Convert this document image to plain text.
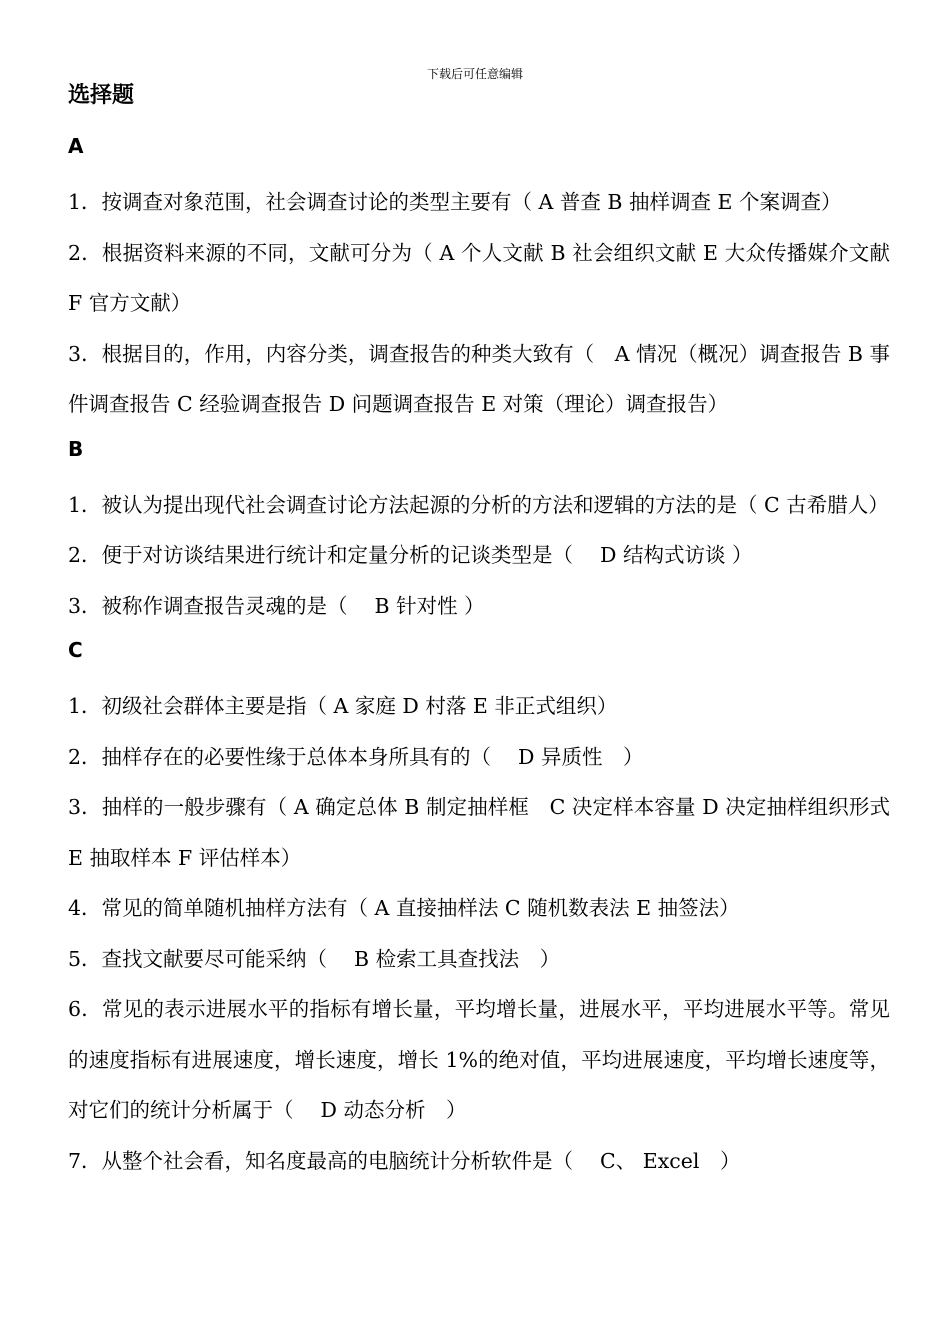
下载后可任意编辑
选择题
A
1．按调查对象范围，社会调查讨论的类型主要有（ A 普查 B 抽样调查 E 个案调查）
2．根据资料来源的不同，文献可分为（ A 个人文献 B 社会组织文献 E 大众传播媒介文献 F 官方文献）
3．根据目的，作用，内容分类，调查报告的种类大致有（　A 情况（概况）调查报告 B 事件调查报告 C 经验调查报告 D 问题调查报告 E 对策（理论）调查报告）
B
1．被认为提出现代社会调查讨论方法起源的分析的方法和逻辑的方法的是（ C 古希腊人）
2．便于对访谈结果进行统计和定量分析的记谈类型是（　 D 结构式访谈 ）
3．被称作调查报告灵魂的是（　 B 针对性 ）
C
1．初级社会群体主要是指（ A 家庭 D 村落 E 非正式组织）
2．抽样存在的必要性缘于总体本身所具有的（　 D 异质性　）
3．抽样的一般步骤有（ A 确定总体 B 制定抽样框　C 决定样本容量 D 决定抽样组织形式　　 E 抽取样本 F 评估样本）
4．常见的简单随机抽样方法有（ A 直接抽样法 C 随机数表法 E 抽签法）
5．查找文献要尽可能采纳（　 B 检索工具查找法　）
6．常见的表示进展水平的指标有增长量，平均增长量，进展水平，平均进展水平等。常见的速度指标有进展速度，增长速度，增长 1%的绝对值，平均进展速度，平均增长速度等，对它们的统计分析属于（　 D 动态分析　）
7．从整个社会看，知名度最高的电脑统计分析软件是（　 C、 Excel　）
